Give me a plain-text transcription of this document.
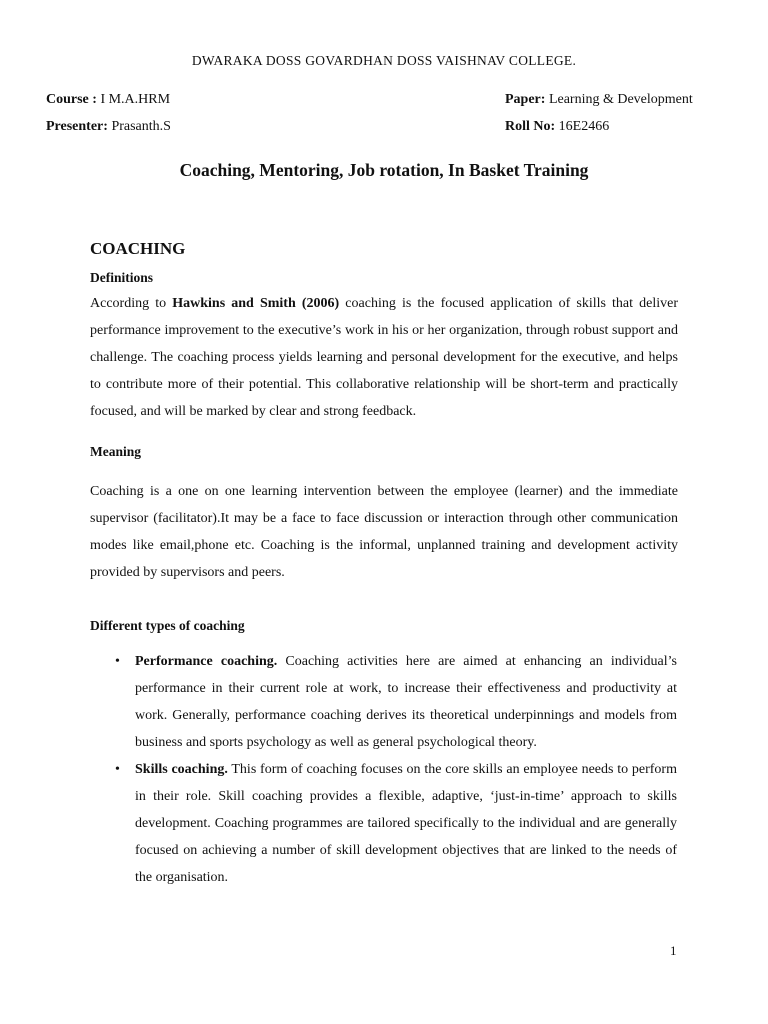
DWARAKA DOSS GOVARDHAN DOSS VAISHNAV COLLEGE.
Course : I M.A.HRM	Paper: Learning & Development
Presenter: Prasanth.S	Roll No: 16E2466
Coaching, Mentoring, Job rotation, In Basket Training
COACHING
Definitions
According to Hawkins and Smith (2006) coaching is the focused application of skills that deliver performance improvement to the executive’s work in his or her organization, through robust support and challenge. The coaching process yields learning and personal development for the executive, and helps to contribute more of their potential. This collaborative relationship will be short-term and practically focused, and will be marked by clear and strong feedback.
Meaning
Coaching is a one on one learning intervention between the employee (learner) and the immediate supervisor (facilitator).It may be a face to face discussion or interaction through other communication modes like email,phone etc. Coaching is the informal, unplanned training and development activity provided by supervisors and peers.
Different types of coaching
• Performance coaching. Coaching activities here are aimed at enhancing an individual’s performance in their current role at work, to increase their effectiveness and productivity at work. Generally, performance coaching derives its theoretical underpinnings and models from business and sports psychology as well as general psychological theory.
• Skills coaching. This form of coaching focuses on the core skills an employee needs to perform in their role. Skill coaching provides a flexible, adaptive, ‘just-in-time’ approach to skills development. Coaching programmes are tailored specifically to the individual and are generally focused on achieving a number of skill development objectives that are linked to the needs of the organisation.
1
